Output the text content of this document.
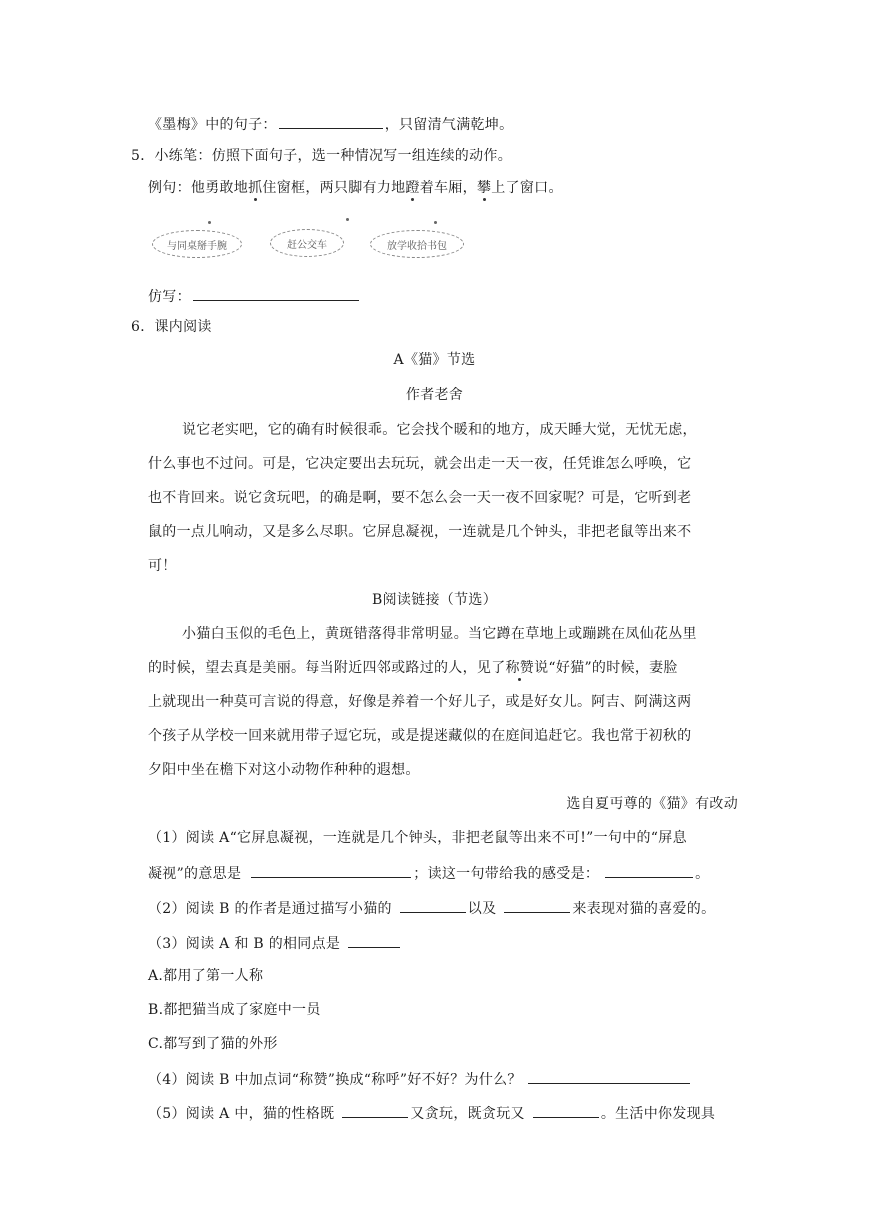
《墨梅》中的句子：	，只留清气满乾坤。
5．小练笔：仿照下面句子，选一种情况写一组连续的动作。
例句：他勇敢地抓住窗框，两只脚有力地蹬着车厢，攀上了窗口。
与同桌掰手腕	赶公交车	放学收拾书包
仿写：
6．课内阅读
A《猫》节选
作者老舍
说它老实吧，它的确有时候很乖。它会找个暖和的地方，成天睡大觉，无忧无虑，
什么事也不过问。可是，它决定要出去玩玩，就会出走一天一夜，任凭谁怎么呼唤，它
也不肯回来。说它贪玩吧，的确是啊，要不怎么会一天一夜不回家呢？可是，它听到老
鼠的一点儿响动，又是多么尽职。它屏息凝视，一连就是几个钟头，非把老鼠等出来不
可！
B阅读链接（节选）
小猫白玉似的毛色上，黄斑错落得非常明显。当它蹲在草地上或蹦跳在凤仙花丛里
的时候，望去真是美丽。每当附近四邻或路过的人，见了称赞说“好猫”的时候，妻脸
上就现出一种莫可言说的得意，好像是养着一个好儿子，或是好女儿。阿吉、阿满这两
个孩子从学校一回来就用带子逗它玩，或是提迷藏似的在庭间追赶它。我也常于初秋的
夕阳中坐在檐下对这小动物作种种的遐想。
选自夏丏尊的《猫》有改动
（1）阅读 A“它屏息凝视，一连就是几个钟头，非把老鼠等出来不可!”一句中的“屏息
凝视”的意思是	；读这一句带给我的感受是：	。
（2）阅读 B 的作者是通过描写小猫的	以及	来表现对猫的喜爱的。
（3）阅读 A 和 B 的相同点是
A.都用了第一人称
B.都把猫当成了家庭中一员
C.都写到了猫的外形
（4）阅读 B 中加点词“称赞”换成“称呼”好不好？为什么？
（5）阅读 A 中，猫的性格既	又贪玩，既贪玩又	。生活中你发现具
